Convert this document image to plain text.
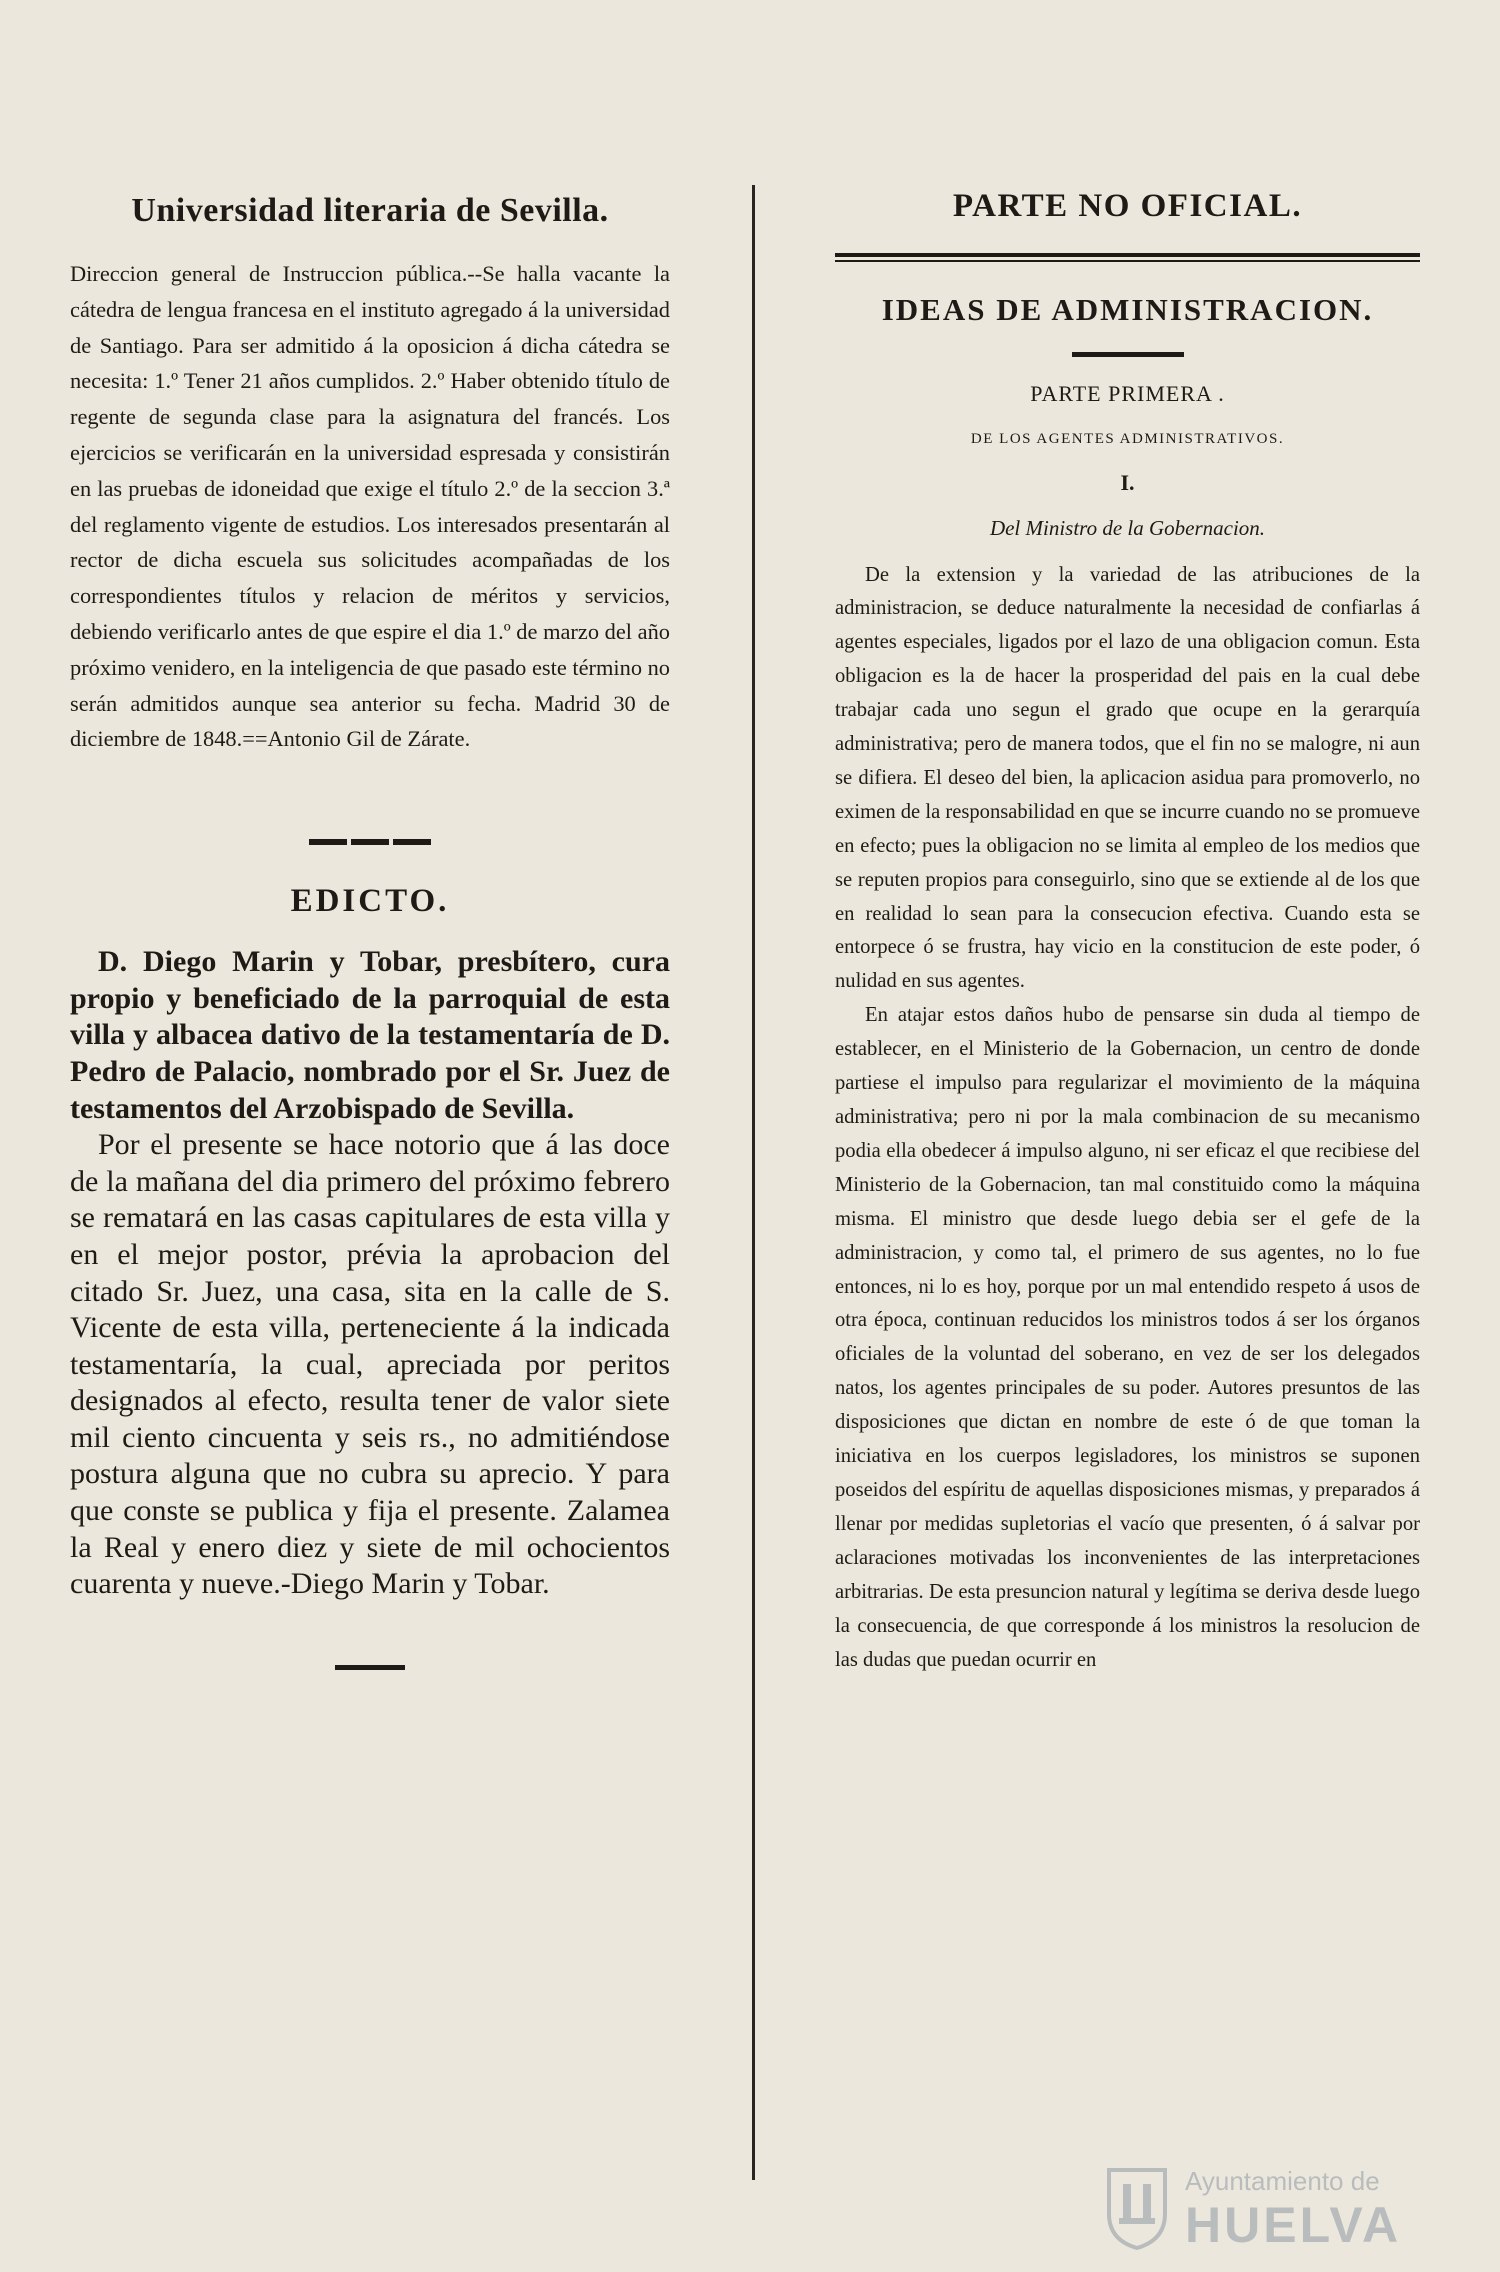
Universidad literaria de Sevilla.

Direccion general de Instruccion pública.--Se halla vacante la cátedra de lengua francesa en el instituto agregado á la universidad de Santiago. Para ser admitido á la oposicion á dicha cátedra se necesita: 1.º Tener 21 años cumplidos. 2.º Haber obtenido título de regente de segunda clase para la asignatura del francés. Los ejercicios se verificarán en la universidad espresada y consistirán en las pruebas de idoneidad que exige el título 2.º de la seccion 3.ª del reglamento vigente de estudios. Los interesados presentarán al rector de dicha escuela sus solicitudes acompañadas de los correspondientes títulos y relacion de méritos y servicios, debiendo verificarlo antes de que espire el dia 1.º de marzo del año próximo venidero, en la inteligencia de que pasado este término no serán admitidos aunque sea anterior su fecha. Madrid 30 de diciembre de 1848.==Antonio Gil de Zárate.

EDICTO.

D. Diego Marin y Tobar, presbítero, cura propio y beneficiado de la parroquial de esta villa y albacea dativo de la testamentaría de D. Pedro de Palacio, nombrado por el Sr. Juez de testamentos del Arzobispado de Sevilla.

Por el presente se hace notorio que á las doce de la mañana del dia primero del próximo febrero se rematará en las casas capitulares de esta villa y en el mejor postor, prévia la aprobacion del citado Sr. Juez, una casa, sita en la calle de S. Vicente de esta villa, perteneciente á la indicada testamentaría, la cual, apreciada por peritos designados al efecto, resulta tener de valor siete mil ciento cincuenta y seis rs., no admitiéndose postura alguna que no cubra su aprecio. Y para que conste se publica y fija el presente. Zalamea la Real y enero diez y siete de mil ochocientos cuarenta y nueve.-Diego Marin y Tobar.

PARTE NO OFICIAL.
IDEAS DE ADMINISTRACION.
PARTE PRIMERA .
DE LOS AGENTES ADMINISTRATIVOS.
I.
Del Ministro de la Gobernacion.

De la extension y la variedad de las atribuciones de la administracion, se deduce naturalmente la necesidad de confiarlas á agentes especiales, ligados por el lazo de una obligacion comun. Esta obligacion es la de hacer la prosperidad del pais en la cual debe trabajar cada uno segun el grado que ocupe en la gerarquía administrativa; pero de manera todos, que el fin no se malogre, ni aun se difiera. El deseo del bien, la aplicacion asidua para promoverlo, no eximen de la responsabilidad en que se incurre cuando no se promueve en efecto; pues la obligacion no se limita al empleo de los medios que se reputen propios para conseguirlo, sino que se extiende al de los que en realidad lo sean para la consecucion efectiva. Cuando esta se entorpece ó se frustra, hay vicio en la constitucion de este poder, ó nulidad en sus agentes.

En atajar estos daños hubo de pensarse sin duda al tiempo de establecer, en el Ministerio de la Gobernacion, un centro de donde partiese el impulso para regularizar el movimiento de la máquina administrativa; pero ni por la mala combinacion de su mecanismo podia ella obedecer á impulso alguno, ni ser eficaz el que recibiese del Ministerio de la Gobernacion, tan mal constituido como la máquina misma. El ministro que desde luego debia ser el gefe de la administracion, y como tal, el primero de sus agentes, no lo fue entonces, ni lo es hoy, porque por un mal entendido respeto á usos de otra época, continuan reducidos los ministros todos á ser los órganos oficiales de la voluntad del soberano, en vez de ser los delegados natos, los agentes principales de su poder. Autores presuntos de las disposiciones que dictan en nombre de este ó de que toman la iniciativa en los cuerpos legisladores, los ministros se suponen poseidos del espíritu de aquellas disposiciones mismas, y preparados á llenar por medidas supletorias el vacío que presenten, ó á salvar por aclaraciones motivadas los inconvenientes de las interpretaciones arbitrarias. De esta presuncion natural y legítima se deriva desde luego la consecuencia, de que corresponde á los ministros la resolucion de las dudas que puedan ocurrir en

Ayuntamiento de
HUELVA
